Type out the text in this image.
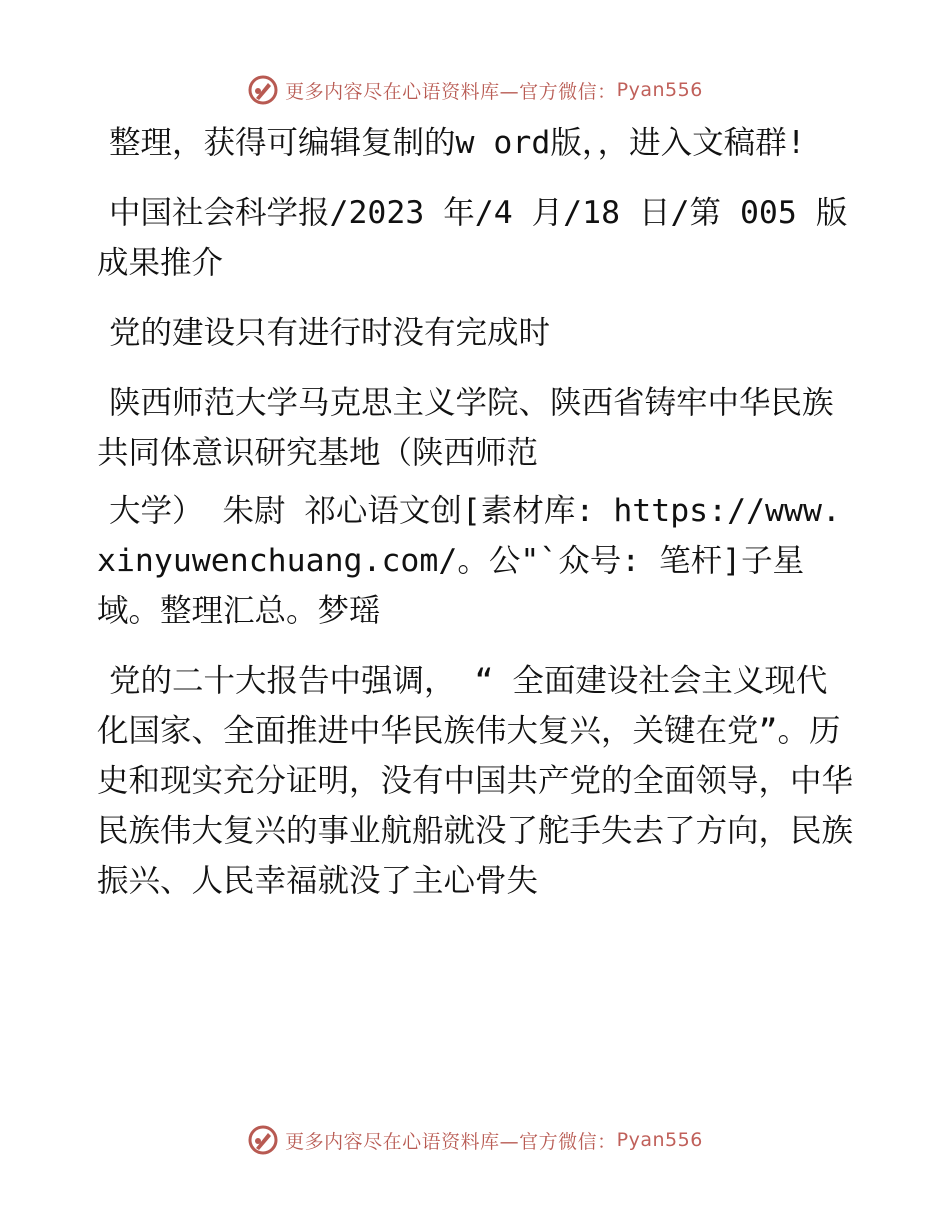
更多内容尽在心语资料库—官方微信： Pyan556

整理，获得可编辑复制的w ord版，，进入文稿群!

中国社会科学报/2023 年/4 月/18 日/第 005 版成果推介

党的建设只有进行时没有完成时

陕西师范大学马克思主义学院、陕西省铸牢中华民族共同体意识研究基地（陕西师范

大学） 朱尉 祁心语文创[素材库: https://www.xinyuwenchuang.com/。公"`众号: 笔杆]子星域。整理汇总。梦瑶

党的二十大报告中强调， “ 全面建设社会主义现代化国家、全面推进中华民族伟大复兴，关键在党”。历史和现实充分证明，没有中国共产党的全面领导，中华民族伟大复兴的事业航船就没了舵手失去了方向，民族振兴、人民幸福就没了主心骨失

更多内容尽在心语资料库—官方微信： Pyan556
